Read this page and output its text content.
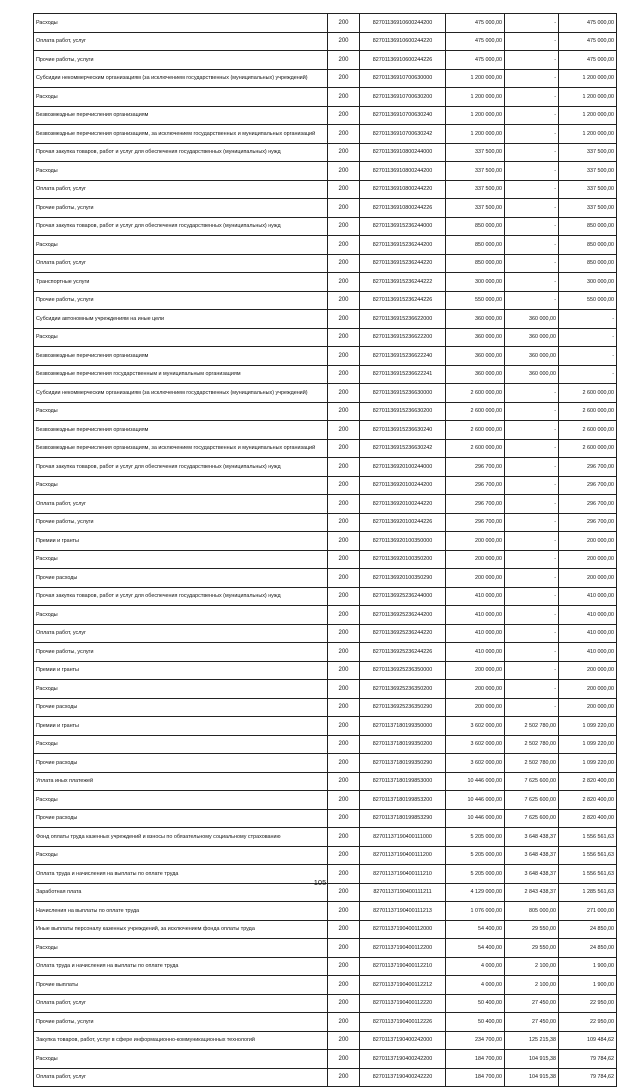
Расходы	200	82701136910600244200	475 000,00	-	475 000,00
Оплата работ, услуг	200	82701136910600244220	475 000,00	-	475 000,00
Прочие работы, услуги	200	82701136910600244226	475 000,00	-	475 000,00
Субсидии некоммерческим организациям (за исключением государственных (муниципальных) учреждений)	200	82701136910700630000	1 200 000,00	-	1 200 000,00
Расходы	200	82701136910700630200	1 200 000,00	-	1 200 000,00
Безвозмездные перечисления организациям	200	82701136910700630240	1 200 000,00	-	1 200 000,00
Безвозмездные перечисления организациям, за исключением государственных и муниципальных организаций	200	82701136910700630242	1 200 000,00	-	1 200 000,00
Прочая закупка товаров, работ и услуг для обеспечения государственных (муниципальных) нужд	200	82701136910800244000	337 500,00	-	337 500,00
Расходы	200	82701136910800244200	337 500,00	-	337 500,00
Оплата работ, услуг	200	82701136910800244220	337 500,00	-	337 500,00
Прочие работы, услуги	200	82701136910800244226	337 500,00	-	337 500,00
Прочая закупка товаров, работ и услуг для обеспечения государственных (муниципальных) нужд	200	82701136915236244000	850 000,00	-	850 000,00
Расходы	200	82701136915236244200	850 000,00	-	850 000,00
Оплата работ, услуг	200	82701136915236244220	850 000,00	-	850 000,00
Транспортные услуги	200	82701136915236244222	300 000,00	-	300 000,00
Прочие работы, услуги	200	82701136915236244226	550 000,00	-	550 000,00
Субсидии автономным учреждениям на иные цели	200	82701136915236622000	360 000,00	360 000,00	-
Расходы	200	82701136915236622200	360 000,00	360 000,00	-
Безвозмездные перечисления организациям	200	82701136915236622240	360 000,00	360 000,00	-
Безвозмездные перечисления государственным и муниципальным организациям	200	82701136915236622241	360 000,00	360 000,00	-
Субсидии некоммерческим организациям (за исключением государственных (муниципальных) учреждений)	200	82701136915236630000	2 600 000,00	-	2 600 000,00
Расходы	200	82701136915236630200	2 600 000,00	-	2 600 000,00
Безвозмездные перечисления организациям	200	82701136915236630240	2 600 000,00	-	2 600 000,00
Безвозмездные перечисления организациям, за исключением государственных и муниципальных организаций	200	82701136915236630242	2 600 000,00	-	2 600 000,00
Прочая закупка товаров, работ и услуг для обеспечения государственных (муниципальных) нужд	200	82701136920100244000	296 700,00	-	296 700,00
Расходы	200	82701136920100244200	296 700,00	-	296 700,00
Оплата работ, услуг	200	82701136920100244220	296 700,00	-	296 700,00
Прочие работы, услуги	200	82701136920100244226	296 700,00	-	296 700,00
Премии и гранты	200	82701136920100350000	200 000,00	-	200 000,00
Расходы	200	82701136920100350200	200 000,00	-	200 000,00
Прочие расходы	200	82701136920100350290	200 000,00	-	200 000,00
Прочая закупка товаров, работ и услуг для обеспечения государственных (муниципальных) нужд	200	82701136925236244000	410 000,00	-	410 000,00
Расходы	200	82701136925236244200	410 000,00	-	410 000,00
Оплата работ, услуг	200	82701136925236244220	410 000,00	-	410 000,00
Прочие работы, услуги	200	82701136925236244226	410 000,00	-	410 000,00
Премии и гранты	200	82701136925236350000	200 000,00	-	200 000,00
Расходы	200	82701136925236350200	200 000,00	-	200 000,00
Прочие расходы	200	82701136925236350290	200 000,00	-	200 000,00
Премии и гранты	200	82701137180199350000	3 602 000,00	2 502 780,00	1 099 220,00
Расходы	200	82701137180199350200	3 602 000,00	2 502 780,00	1 099 220,00
Прочие расходы	200	82701137180199350290	3 602 000,00	2 502 780,00	1 099 220,00
Уплата иных платежей	200	82701137180199853000	10 446 000,00	7 625 600,00	2 820 400,00
Расходы	200	82701137180199853200	10 446 000,00	7 625 600,00	2 820 400,00
Прочие расходы	200	82701137180199853290	10 446 000,00	7 625 600,00	2 820 400,00
Фонд оплаты труда казенных учреждений и взносы по обязательному социальному страхованию	200	82701137190400111000	5 205 000,00	3 648 438,37	1 556 561,63
Расходы	200	82701137190400111200	5 205 000,00	3 648 438,37	1 556 561,63
Оплата труда и начисления на выплаты по оплате труда	200	82701137190400111210	5 205 000,00	3 648 438,37	1 556 561,63
Заработная плата	200	82701137190400111211	4 129 000,00	2 843 438,37	1 285 561,63
Начисления на выплаты по оплате труда	200	82701137190400111213	1 076 000,00	805 000,00	271 000,00
Иные выплаты персоналу казенных учреждений, за исключением фонда оплаты труда	200	82701137190400112000	54 400,00	29 550,00	24 850,00
Расходы	200	82701137190400112200	54 400,00	29 550,00	24 850,00
Оплата труда и начисления на выплаты по оплате труда	200	82701137190400112210	4 000,00	2 100,00	1 900,00
Прочие выплаты	200	82701137190400112212	4 000,00	2 100,00	1 900,00
Оплата работ, услуг	200	82701137190400112220	50 400,00	27 450,00	22 950,00
Прочие работы, услуги	200	82701137190400112226	50 400,00	27 450,00	22 950,00
Закупка товаров, работ, услуг в сфере информационно-коммуникационных технологий	200	82701137190400242000	234 700,00	125 215,38	109 484,62
Расходы	200	82701137190400242200	184 700,00	104 915,38	79 784,62
Оплата работ, услуг	200	82701137190400242220	184 700,00	104 915,38	79 784,62
105
